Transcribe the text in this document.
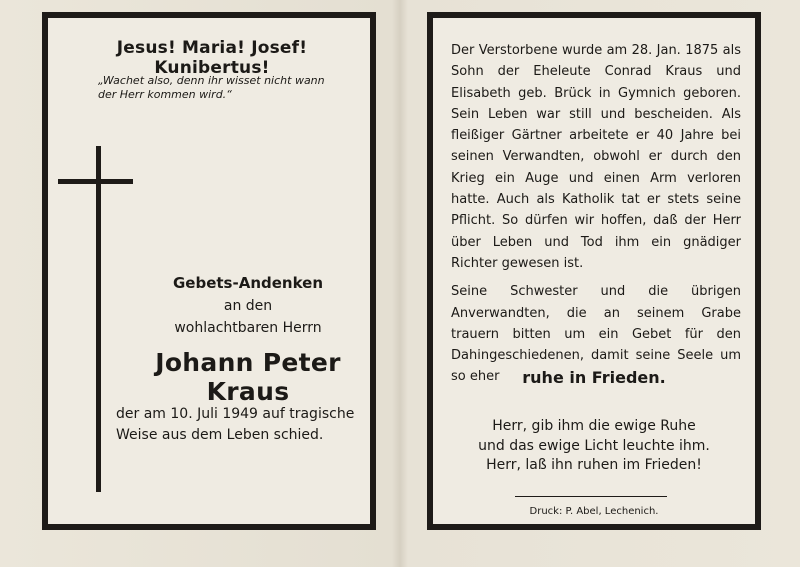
Jesus! Maria! Josef! Kunibertus!
„Wachet also, denn ihr wisset nicht wann
der Herr kommen wird.“
Gebets-Andenken
an den
wohlachtbaren Herrn
Johann Peter Kraus
der am 10. Juli 1949 auf tragische
Weise aus dem Leben schied.

Der Verstorbene wurde am 28. Jan. 1875 als Sohn der Eheleute Conrad Kraus und Elisabeth geb. Brück in Gymnich geboren. Sein Leben war still und bescheiden. Als fleißiger Gärtner arbeitete er 40 Jahre bei seinen Verwandten, obwohl er durch den Krieg ein Auge und einen Arm verloren hatte. Auch als Katholik tat er stets seine Pflicht. So dürfen wir hoffen, daß der Herr über Leben und Tod ihm ein gnädiger Richter gewesen ist.

Seine Schwester und die übrigen Anverwandten, die an seinem Grabe trauern bitten um ein Gebet für den Dahingeschiedenen, damit seine Seele um so eher	ruhe in Frieden.
Herr, gib ihm die ewige Ruhe
und das ewige Licht leuchte ihm.
Herr, laß ihn ruhen im Frieden!
Druck: P. Abel, Lechenich.
